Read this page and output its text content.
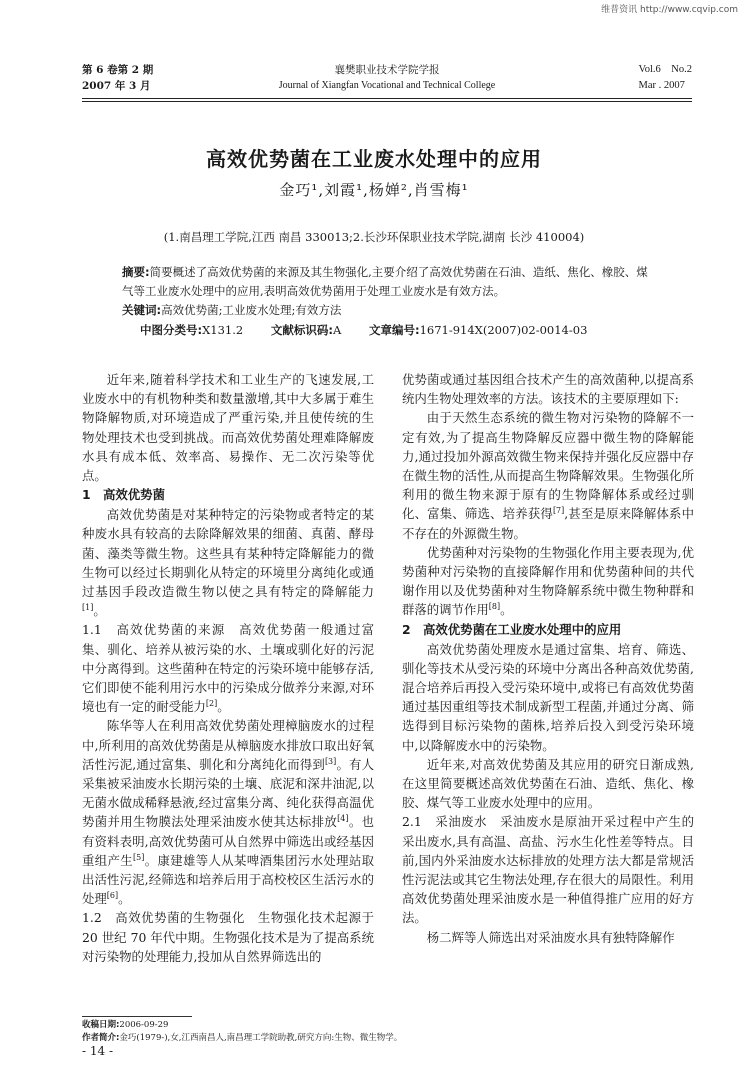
维普资讯 http://www.cqvip.com
第 6 卷第 2 期
2007 年 3 月
襄樊职业技术学院学报
Journal of Xiangfan Vocational and Technical College
Vol.6    No.2
Mar . 2007
高效优势菌在工业废水处理中的应用
金巧¹,刘霞¹,杨婵²,肖雪梅¹
(1.南昌理工学院,江西 南昌 330013;2.长沙环保职业技术学院,湖南 长沙 410004)

摘要:简要概述了高效优势菌的来源及其生物强化,主要介绍了高效优势菌在石油、造纸、焦化、橡胶、煤气等工业废水处理中的应用,表明高效优势菌用于处理工业废水是有效方法。

关键词:高效优势菌;工业废水处理;有效方法

中图分类号:X131.2 文献标识码:A 文章编号:1671-914X(2007)02-0014-03

近年来,随着科学技术和工业生产的飞速发展,工业废水中的有机物种类和数量激增,其中大多属于难生物降解物质,对环境造成了严重污染,并且使传统的生物处理技术也受到挑战。而高效优势菌处理难降解废水具有成本低、效率高、易操作、无二次污染等优点。

1　高效优势菌

高效优势菌是对某种特定的污染物或者特定的某种废水具有较高的去除降解效果的细菌、真菌、酵母菌、藻类等微生物。这些具有某种特定降解能力的微生物可以经过长期驯化从特定的环境里分离纯化或通过基因手段改造微生物以使之具有特定的降解能力[1]。

1.1　高效优势菌的来源　 高效优势菌一般通过富集、驯化、培养从被污染的水、土壤或驯化好的污泥中分离得到。这些菌种在特定的污染环境中能够存活,它们即使不能利用污水中的污染成分做养分来源,对环境也有一定的耐受能力[2]。

陈华等人在利用高效优势菌处理樟脑废水的过程中,所利用的高效优势菌是从樟脑废水排放口取出好氧活性污泥,通过富集、驯化和分离纯化而得到[3]。有人采集被采油废水长期污染的土壤、底泥和深井油泥,以无菌水做成稀释悬液,经过富集分离、纯化获得高温优势菌并用生物膜法处理采油废水使其达标排放[4]。也有资料表明,高效优势菌可从自然界中筛选出或经基因重组产生[5]。康建雄等人从某啤酒集团污水处理站取出活性污泥,经筛选和培养后用于高校校区生活污水的处理[6]。

1.2　高效优势菌的生物强化　 生物强化技术起源于 20 世纪 70 年代中期。生物强化技术是为了提高系统对污染物的处理能力,投加从自然界筛选出的

优势菌或通过基因组合技术产生的高效菌种,以提高系统内生物处理效率的方法。该技术的主要原理如下:

由于天然生态系统的微生物对污染物的降解不一定有效,为了提高生物降解反应器中微生物的降解能力,通过投加外源高效微生物来保持并强化反应器中存在微生物的活性,从而提高生物降解效果。生物强化所利用的微生物来源于原有的生物降解体系或经过驯化、富集、筛选、培养获得[7],甚至是原来降解体系中不存在的外源微生物。

优势菌种对污染物的生物强化作用主要表现为,优势菌种对污染物的直接降解作用和优势菌种间的共代谢作用以及优势菌种对生物降解系统中微生物种群和群落的调节作用[8]。

2　高效优势菌在工业废水处理中的应用

高效优势菌处理废水是通过富集、培育、筛选、驯化等技术从受污染的环境中分离出各种高效优势菌,混合培养后再投入受污染环境中,或将已有高效优势菌通过基因重组等技术制成新型工程菌,并通过分离、筛选得到目标污染物的菌株,培养后投入到受污染环境中,以降解废水中的污染物。

近年来,对高效优势菌及其应用的研究日渐成熟,在这里简要概述高效优势菌在石油、造纸、焦化、橡胶、煤气等工业废水处理中的应用。

2.1　采油废水　 采油废水是原油开采过程中产生的采出废水,具有高温、高盐、污水生化性差等特点。目前,国内外采油废水达标排放的处理方法大都是常规活性污泥法或其它生物法处理,存在很大的局限性。利用高效优势菌处理采油废水是一种值得推广应用的好方法。

杨二辉等人筛选出对采油废水具有独特降解作

收稿日期:2006-09-29
作者简介:金巧(1979-),女,江西南昌人,南昌理工学院助教,研究方向:生物、微生物学。
- 14 -
